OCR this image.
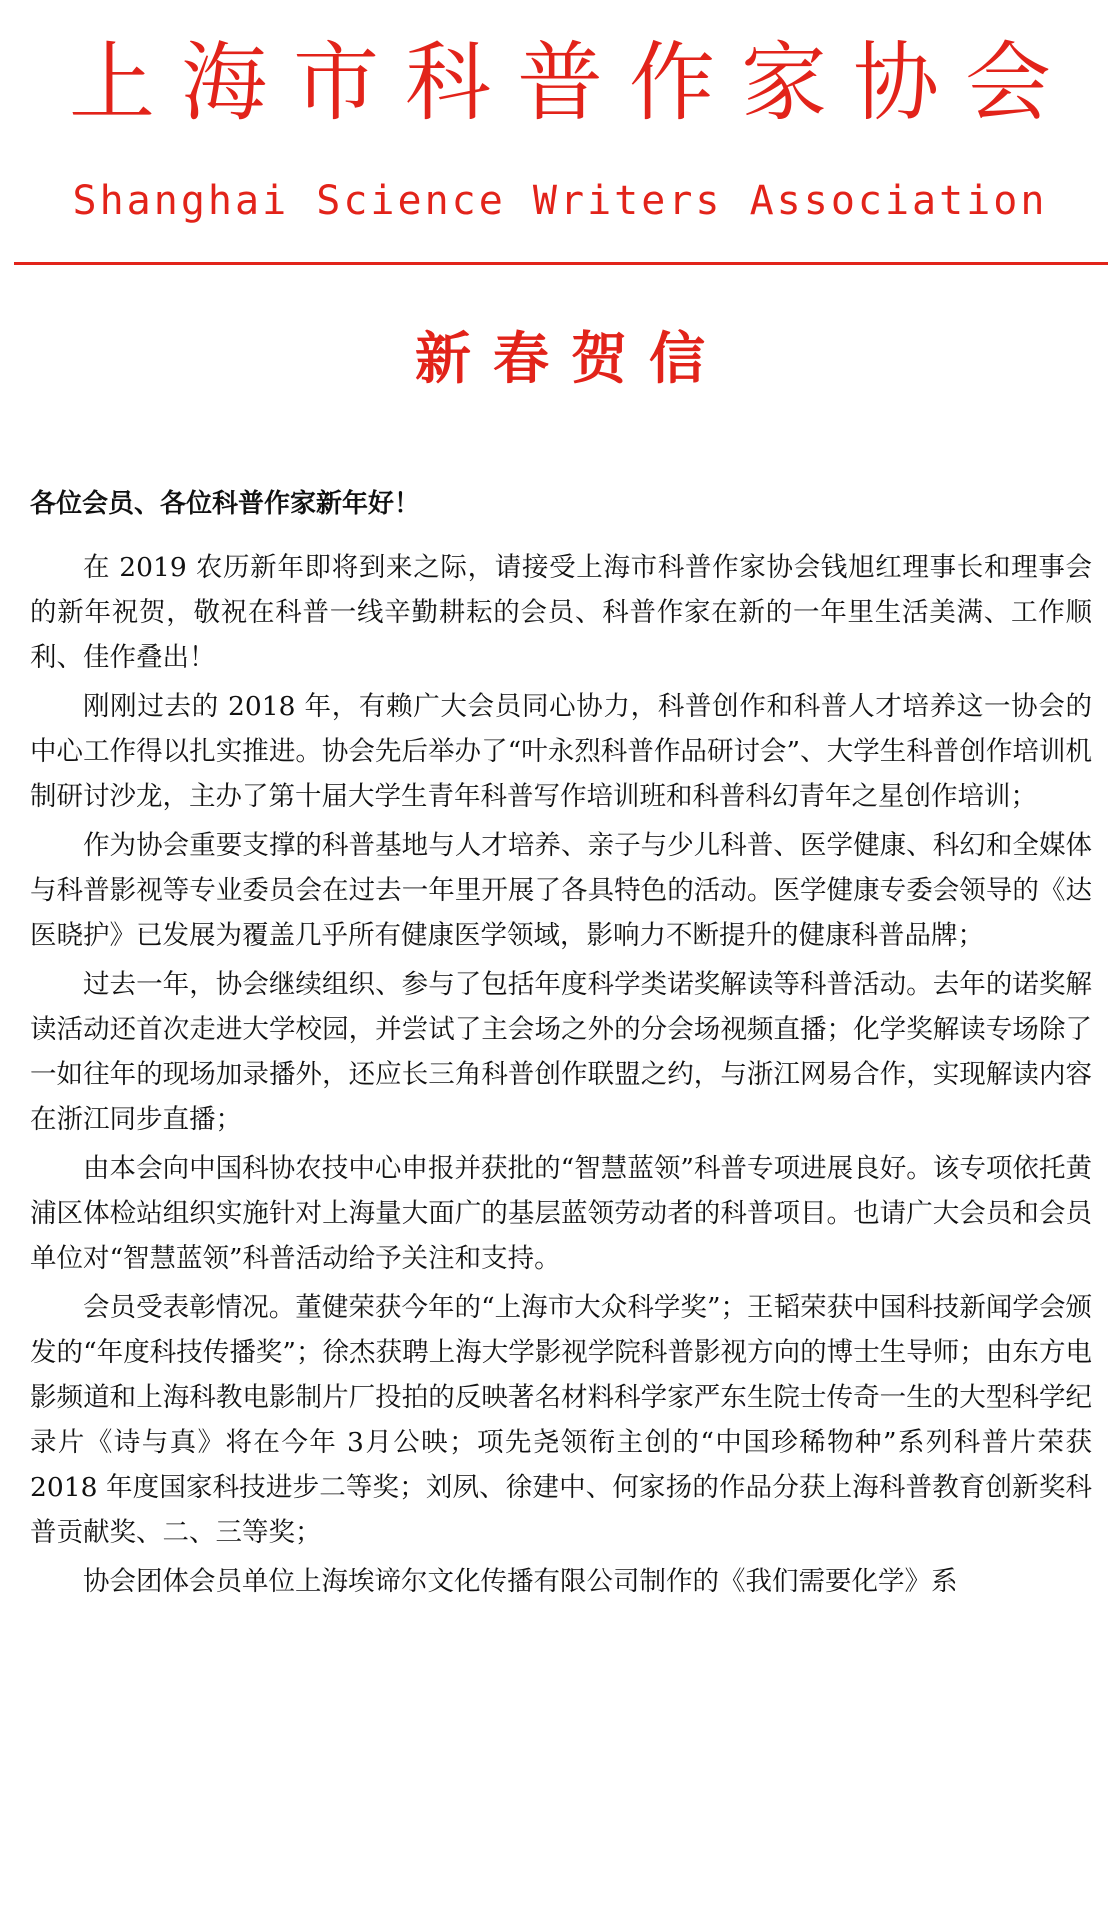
上海市科普作家协会
Shanghai Science Writers Association
新春贺信
各位会员、各位科普作家新年好！

在 2019 农历新年即将到来之际，请接受上海市科普作家协会钱旭红理事长和理事会的新年祝贺，敬祝在科普一线辛勤耕耘的会员、科普作家在新的一年里生活美满、工作顺利、佳作叠出！

刚刚过去的 2018 年，有赖广大会员同心协力，科普创作和科普人才培养这一协会的中心工作得以扎实推进。协会先后举办了“叶永烈科普作品研讨会”、大学生科普创作培训机制研讨沙龙，主办了第十届大学生青年科普写作培训班和科普科幻青年之星创作培训；

作为协会重要支撑的科普基地与人才培养、亲子与少儿科普、医学健康、科幻和全媒体与科普影视等专业委员会在过去一年里开展了各具特色的活动。医学健康专委会领导的《达医晓护》已发展为覆盖几乎所有健康医学领域，影响力不断提升的健康科普品牌；

过去一年，协会继续组织、参与了包括年度科学类诺奖解读等科普活动。去年的诺奖解读活动还首次走进大学校园，并尝试了主会场之外的分会场视频直播；化学奖解读专场除了一如往年的现场加录播外，还应长三角科普创作联盟之约，与浙江网易合作，实现解读内容在浙江同步直播；

由本会向中国科协农技中心申报并获批的“智慧蓝领”科普专项进展良好。该专项依托黄浦区体检站组织实施针对上海量大面广的基层蓝领劳动者的科普项目。也请广大会员和会员单位对“智慧蓝领”科普活动给予关注和支持。

会员受表彰情况。董健荣获今年的“上海市大众科学奖”；王韬荣获中国科技新闻学会颁发的“年度科技传播奖”；徐杰获聘上海大学影视学院科普影视方向的博士生导师；由东方电影频道和上海科教电影制片厂投拍的反映著名材料科学家严东生院士传奇一生的大型科学纪录片《诗与真》将在今年 3月公映；项先尧领衔主创的“中国珍稀物种”系列科普片荣获 2018 年度国家科技进步二等奖；刘夙、徐建中、何家扬的作品分获上海科普教育创新奖科普贡献奖、二、三等奖；

协会团体会员单位上海埃谛尔文化传播有限公司制作的《我们需要化学》系
